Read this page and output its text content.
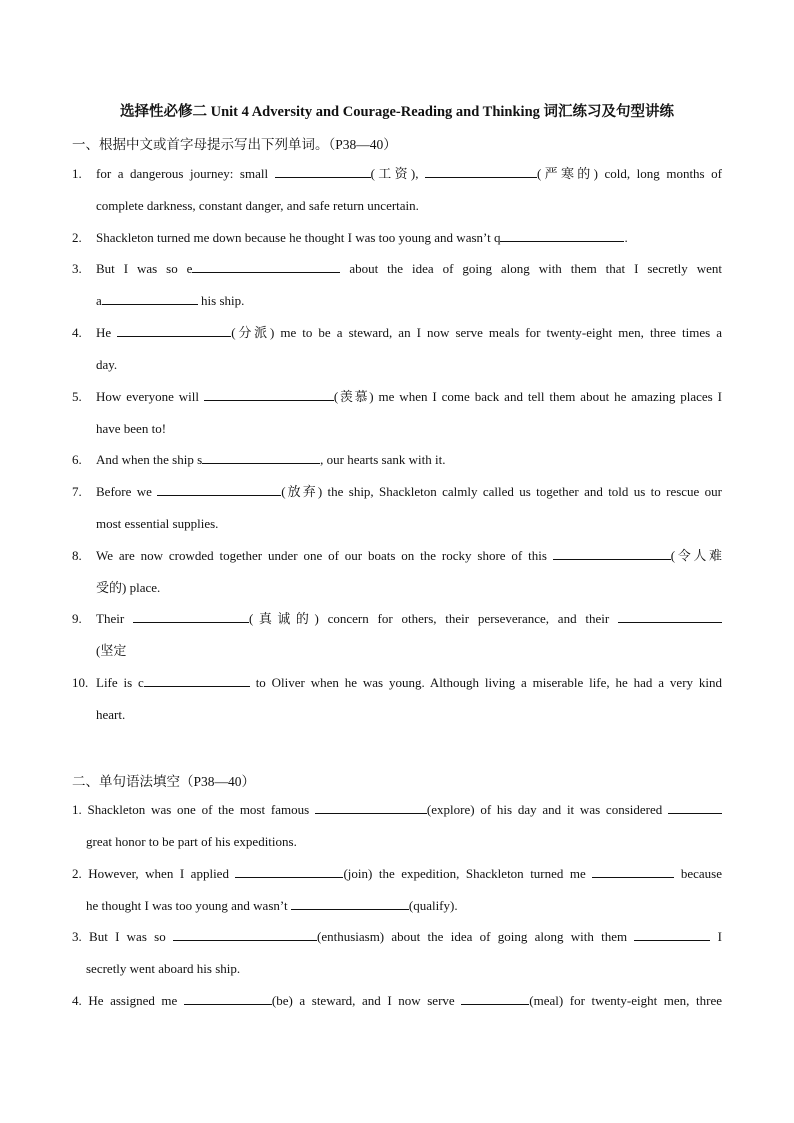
选择性必修二 Unit 4 Adversity and Courage-Reading and Thinking 词汇练习及句型讲练
一、根据中文或首字母提示写出下列单词。（P38—40）
1. for a dangerous journey: small	(工资),	(严寒的) cold, long months of
complete darkness, constant danger, and safe return uncertain.
2. Shackleton turned me down because he thought I was too young and wasn’t q	.
3. But I was so e	about the idea of going along with them that I secretly went
a	his ship.
4. He	(分派) me to be a steward, an I now serve meals for twenty-eight men, three times a
day.
5. How everyone will	(羡慕) me when I come back and tell them about he amazing places I
have been to!
6. And when the ship s	, our hearts sank with it.
7. Before we	(放弃) the ship, Shackleton calmly called us together and told us to rescue our
most essential supplies.
8. We are now crowded together under one of our boats on the rocky shore of this	(令人难
受的) place.
9. Their	(真诚的) concern for others, their perseverance, and their
(坚定
10. Life is c	to Oliver when he was young. Although living a miserable life, he had a very kind
heart.
二、单句语法填空（P38—40）
1. Shackleton was one of the most famous	(explore) of his day and it was considered
great honor to be part of his expeditions.
2. However, when I applied	(join) the expedition, Shackleton turned me	because
he thought I was too young and wasn’t	(qualify).
3. But I was so	(enthusiasm) about the idea of going along with them	I
secretly went aboard his ship.
4. He assigned me	(be) a steward, and I now serve	(meal) for twenty-eight men, three
